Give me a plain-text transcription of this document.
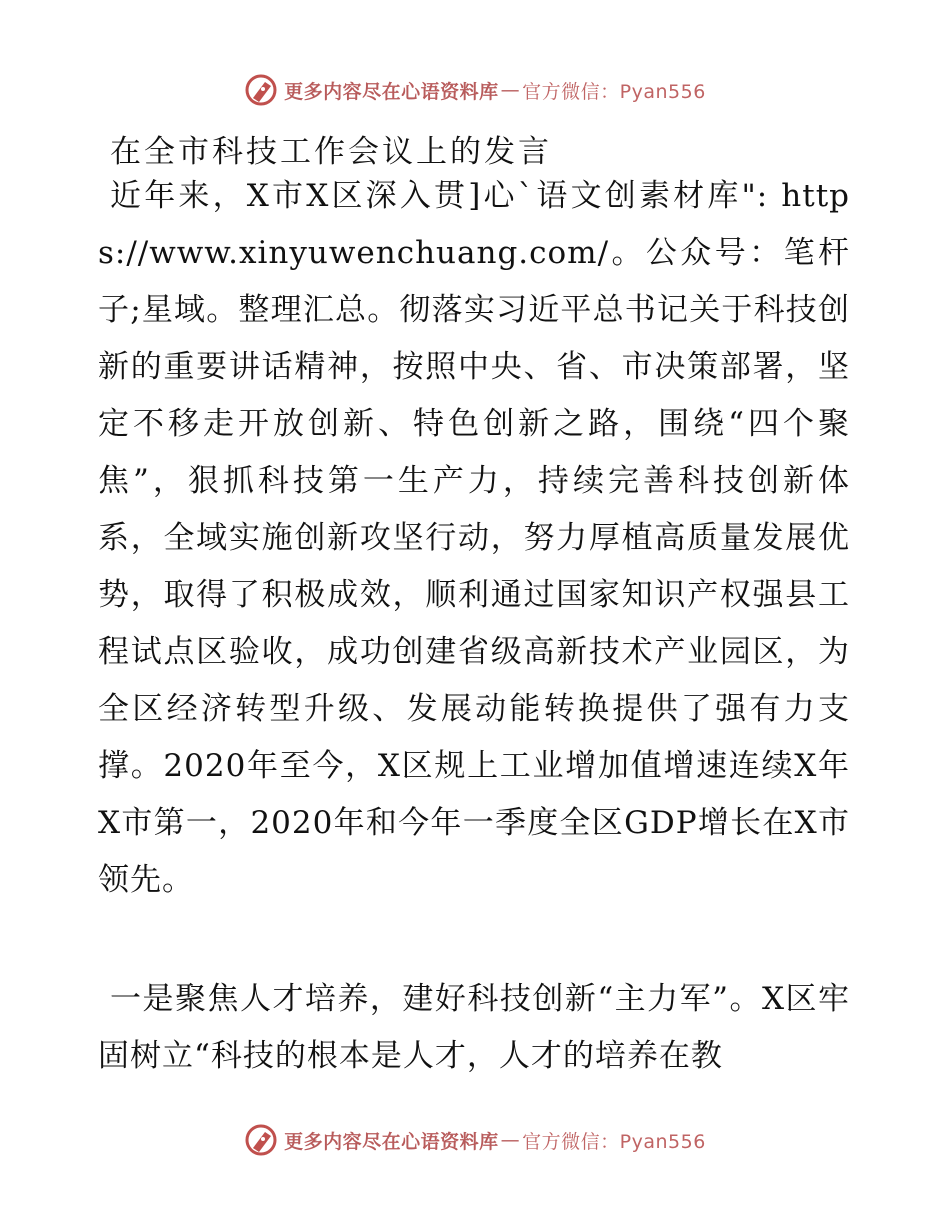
更多内容尽在心语资料库 — 官方微信：Pyan556
在全市科技工作会议上的发言
近年来，X市X区深入贯]心`语文创素材库": https://www.xinyuwenchuang.com/。公众号：笔杆子;星域。整理汇总。彻落实习近平总书记关于科技创新的重要讲话精神，按照中央、省、市决策部署，坚定不移走开放创新、特色创新之路，围绕“四个聚焦”，狠抓科技第一生产力，持续完善科技创新体系，全域实施创新攻坚行动，努力厚植高质量发展优势，取得了积极成效，顺利通过国家知识产权强县工程试点区验收，成功创建省级高新技术产业园区，为全区经济转型升级、发展动能转换提供了强有力支撑。2020年至今，X区规上工业增加值增速连续X年X市第一，2020年和今年一季度全区GDP增长在X市领先。
一是聚焦人才培养，建好科技创新“主力军”。X区牢固树立“科技的根本是人才，人才的培养在教
更多内容尽在心语资料库 — 官方微信：Pyan556
